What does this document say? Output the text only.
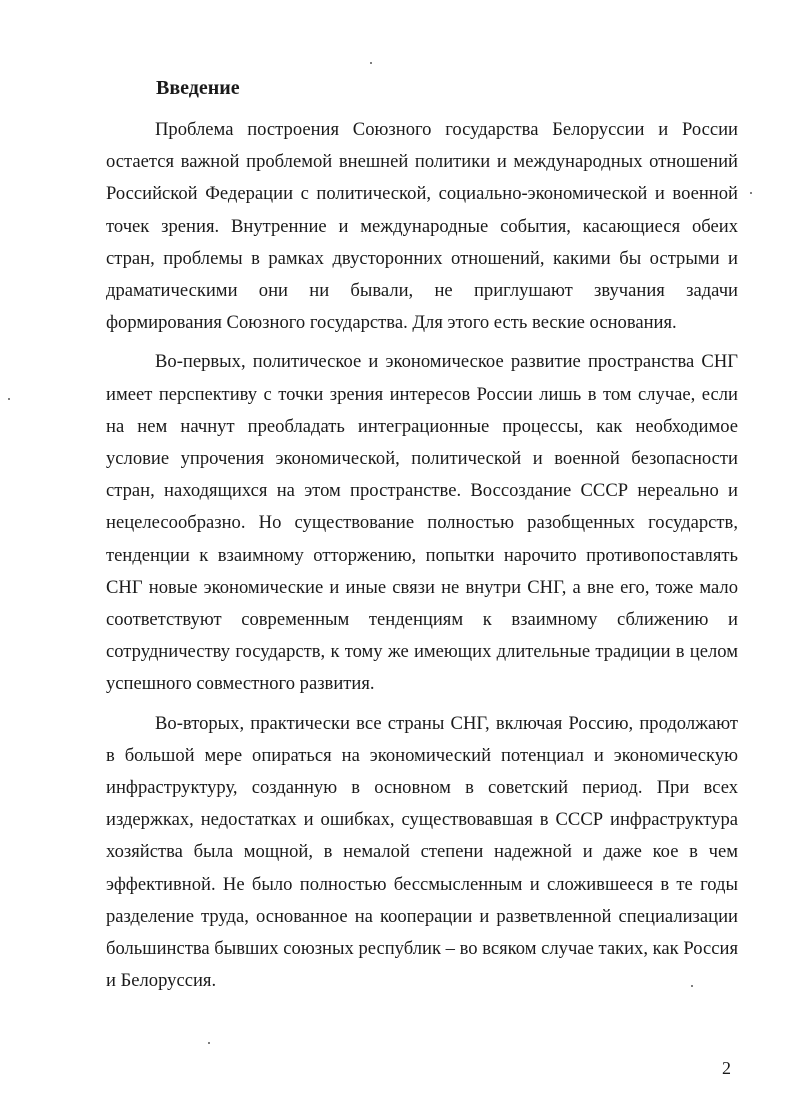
Введение

Проблема построения Союзного государства Белоруссии и России остается важной проблемой внешней политики и международных отношений Российской Федерации с политической, социально-экономической и военной точек зрения. Внутренние и международные события, касающиеся обеих стран, проблемы в рамках двусторонних отношений, какими бы острыми и драматическими они ни бывали, не приглушают звучания задачи формирования Союзного государства. Для этого есть веские основания.

Во-первых, политическое и экономическое развитие пространства СНГ имеет перспективу с точки зрения интересов России лишь в том случае, если на нем начнут преобладать интеграционные процессы, как необходимое условие упрочения экономической, политической и военной безопасности стран, находящихся на этом пространстве. Воссоздание СССР нереально и нецелесообразно. Но существование полностью разобщенных государств, тенденции к взаимному отторжению, попытки нарочито противопоставлять СНГ новые экономические и иные связи не внутри СНГ, а вне его, тоже мало соответствуют современным тенденциям к взаимному сближению и сотрудничеству государств, к тому же имеющих длительные традиции в целом успешного совместного развития.

Во-вторых, практически все страны СНГ, включая Россию, продолжают в большой мере опираться на экономический потенциал и экономическую инфраструктуру, созданную в основном в советский период. При всех издержках, недостатках и ошибках, существовавшая в СССР инфраструктура хозяйства была мощной, в немалой степени надежной и даже кое в чем эффективной. Не было полностью бессмысленным и сложившееся в те годы разделение труда, основанное на кооперации и разветвленной специализации большинства бывших союзных республик – во всяком случае таких, как Россия и Белоруссия.

2
